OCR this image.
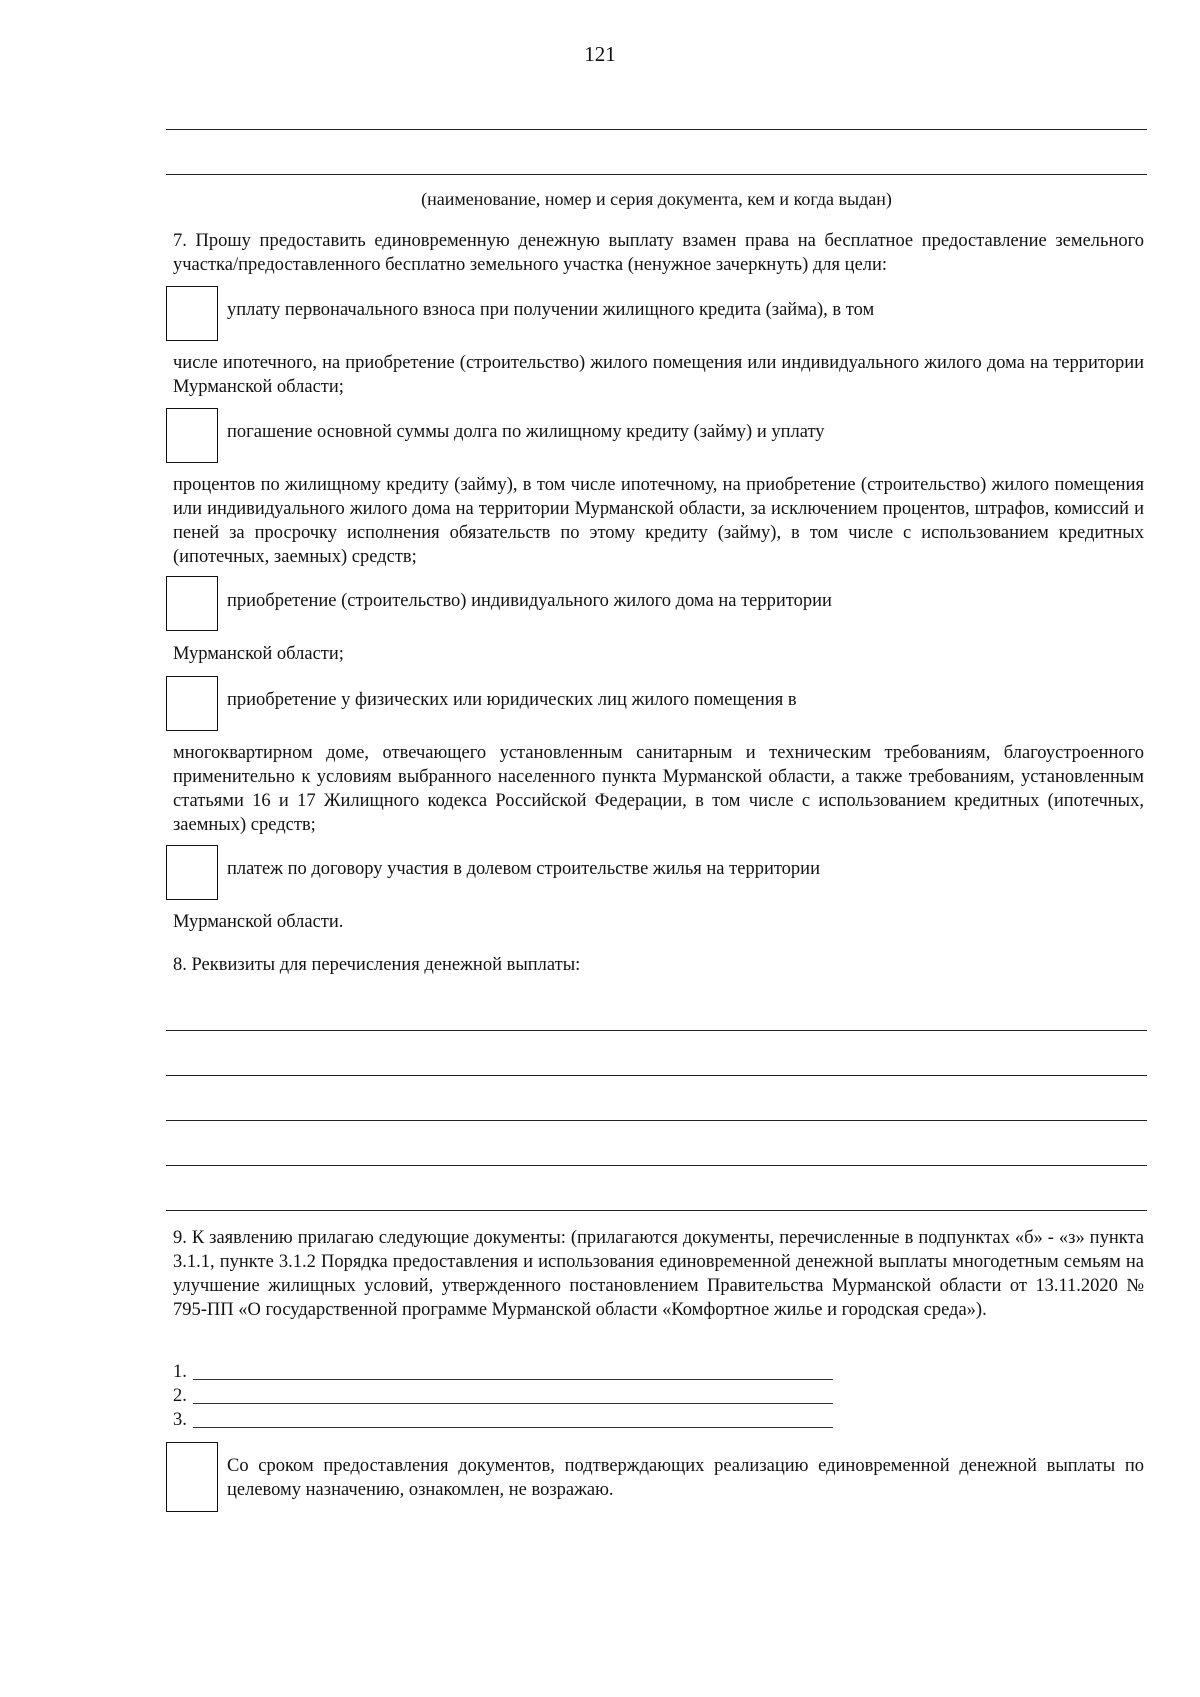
121
(наименование, номер и серия документа, кем и когда выдан)

7. Прошу предоставить единовременную денежную выплату взамен права на бесплатное предоставление земельного участка/предоставленного бесплатно земельного участка (ненужное зачеркнуть) для цели:

уплату первоначального взноса при получении жилищного кредита (займа), в том

числе ипотечного, на приобретение (строительство) жилого помещения или индивидуального жилого дома на территории Мурманской области;

погашение основной суммы долга по жилищному кредиту (займу) и уплату

процентов по жилищному кредиту (займу), в том числе ипотечному, на приобретение (строительство) жилого помещения или индивидуального жилого дома на территории Мурманской области, за исключением процентов, штрафов, комиссий и пеней за просрочку исполнения обязательств по этому кредиту (займу), в том числе с использованием кредитных (ипотечных, заемных) средств;

приобретение (строительство) индивидуального жилого дома на территории

Мурманской области;

приобретение у физических или юридических лиц жилого помещения в

многоквартирном доме, отвечающего установленным санитарным и техническим требованиям, благоустроенного применительно к условиям выбранного населенного пункта Мурманской области, а также требованиям, установленным статьями 16 и 17 Жилищного кодекса Российской Федерации, в том числе с использованием кредитных (ипотечных, заемных) средств;

платеж по договору участия в долевом строительстве жилья на территории

Мурманской области.

8. Реквизиты для перечисления денежной выплаты:

9. К заявлению прилагаю следующие документы: (прилагаются документы, перечисленные в подпунктах «б» - «з» пункта 3.1.1, пункте 3.1.2 Порядка предоставления и использования единовременной денежной выплаты многодетным семьям на улучшение жилищных условий, утвержденного постановлением Правительства Мурманской области от 13.11.2020 № 795-ПП «О государственной программе Мурманской области «Комфортное жилье и городская среда»).

1.
2.
3.

Со сроком предоставления документов, подтверждающих реализацию единовременной денежной выплаты по целевому назначению, ознакомлен, не возражаю.
